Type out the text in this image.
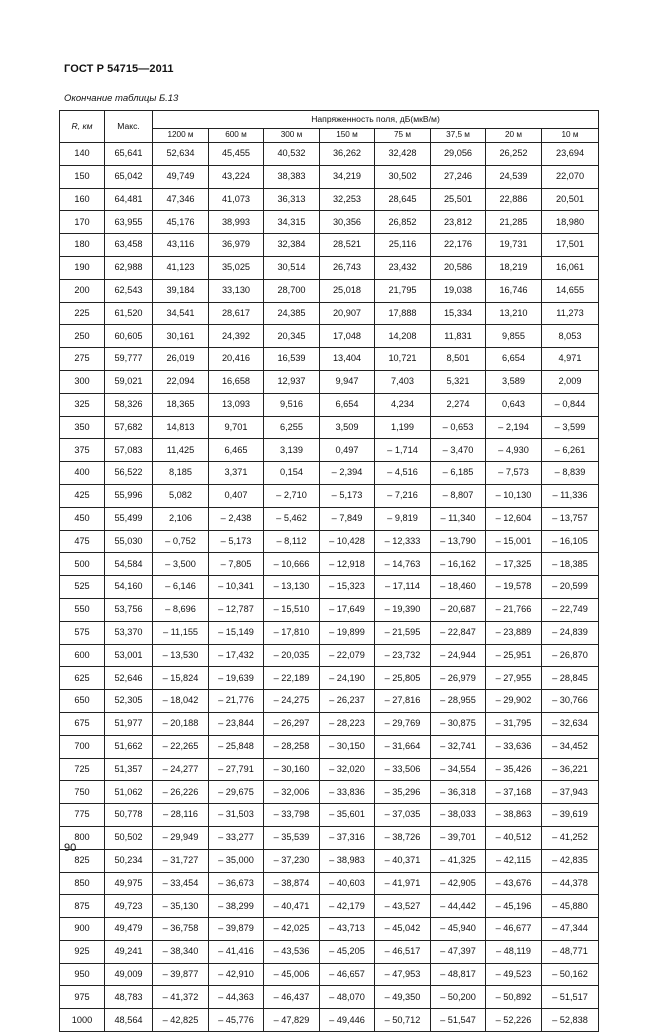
ГОСТ Р 54715—2011
Окончание таблицы Б.13
R, км	Макс.	Напряженность поля, дБ(мкВ/м)							
		1200 м	600 м	300 м	150 м	75 м	37,5 м	20 м	10 м
140	65,641	52,634	45,455	40,532	36,262	32,428	29,056	26,252	23,694
150	65,042	49,749	43,224	38,383	34,219	30,502	27,246	24,539	22,070
160	64,481	47,346	41,073	36,313	32,253	28,645	25,501	22,886	20,501
170	63,955	45,176	38,993	34,315	30,356	26,852	23,812	21,285	18,980
180	63,458	43,116	36,979	32,384	28,521	25,116	22,176	19,731	17,501
190	62,988	41,123	35,025	30,514	26,743	23,432	20,586	18,219	16,061
200	62,543	39,184	33,130	28,700	25,018	21,795	19,038	16,746	14,655
225	61,520	34,541	28,617	24,385	20,907	17,888	15,334	13,210	11,273
250	60,605	30,161	24,392	20,345	17,048	14,208	11,831	9,855	8,053
275	59,777	26,019	20,416	16,539	13,404	10,721	8,501	6,654	4,971
300	59,021	22,094	16,658	12,937	9,947	7,403	5,321	3,589	2,009
325	58,326	18,365	13,093	9,516	6,654	4,234	2,274	0,643	– 0,844
350	57,682	14,813	9,701	6,255	3,509	1,199	– 0,653	– 2,194	– 3,599
375	57,083	11,425	6,465	3,139	0,497	– 1,714	– 3,470	– 4,930	– 6,261
400	56,522	8,185	3,371	0,154	– 2,394	– 4,516	– 6,185	– 7,573	– 8,839
425	55,996	5,082	0,407	– 2,710	– 5,173	– 7,216	– 8,807	– 10,130	– 11,336
450	55,499	2,106	– 2,438	– 5,462	– 7,849	– 9,819	– 11,340	– 12,604	– 13,757
475	55,030	– 0,752	– 5,173	– 8,112	– 10,428	– 12,333	– 13,790	– 15,001	– 16,105
500	54,584	– 3,500	– 7,805	– 10,666	– 12,918	– 14,763	– 16,162	– 17,325	– 18,385
525	54,160	– 6,146	– 10,341	– 13,130	– 15,323	– 17,114	– 18,460	– 19,578	– 20,599
550	53,756	– 8,696	– 12,787	– 15,510	– 17,649	– 19,390	– 20,687	– 21,766	– 22,749
575	53,370	– 11,155	– 15,149	– 17,810	– 19,899	– 21,595	– 22,847	– 23,889	– 24,839
600	53,001	– 13,530	– 17,432	– 20,035	– 22,079	– 23,732	– 24,944	– 25,951	– 26,870
625	52,646	– 15,824	– 19,639	– 22,189	– 24,190	– 25,805	– 26,979	– 27,955	– 28,845
650	52,305	– 18,042	– 21,776	– 24,275	– 26,237	– 27,816	– 28,955	– 29,902	– 30,766
675	51,977	– 20,188	– 23,844	– 26,297	– 28,223	– 29,769	– 30,875	– 31,795	– 32,634
700	51,662	– 22,265	– 25,848	– 28,258	– 30,150	– 31,664	– 32,741	– 33,636	– 34,452
725	51,357	– 24,277	– 27,791	– 30,160	– 32,020	– 33,506	– 34,554	– 35,426	– 36,221
750	51,062	– 26,226	– 29,675	– 32,006	– 33,836	– 35,296	– 36,318	– 37,168	– 37,943
775	50,778	– 28,116	– 31,503	– 33,798	– 35,601	– 37,035	– 38,033	– 38,863	– 39,619
800	50,502	– 29,949	– 33,277	– 35,539	– 37,316	– 38,726	– 39,701	– 40,512	– 41,252
825	50,234	– 31,727	– 35,000	– 37,230	– 38,983	– 40,371	– 41,325	– 42,115	– 42,835
850	49,975	– 33,454	– 36,673	– 38,874	– 40,603	– 41,971	– 42,905	– 43,676	– 44,378
875	49,723	– 35,130	– 38,299	– 40,471	– 42,179	– 43,527	– 44,442	– 45,196	– 45,880
900	49,479	– 36,758	– 39,879	– 42,025	– 43,713	– 45,042	– 45,940	– 46,677	– 47,344
925	49,241	– 38,340	– 41,416	– 43,536	– 45,205	– 46,517	– 47,397	– 48,119	– 48,771
950	49,009	– 39,877	– 42,910	– 45,006	– 46,657	– 47,953	– 48,817	– 49,523	– 50,162
975	48,783	– 41,372	– 44,363	– 46,437	– 48,070	– 49,350	– 50,200	– 50,892	– 51,517
1000	48,564	– 42,825	– 45,776	– 47,829	– 49,446	– 50,712	– 51,547	– 52,226	– 52,838
90
